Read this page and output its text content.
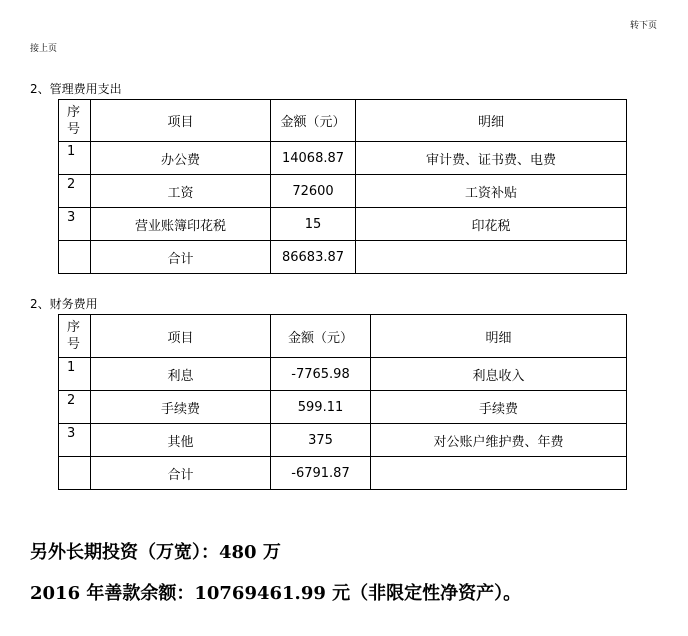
转下页
接上页
2、管理费用支出
序号	项目	金额（元）	明细
1	办公费	14068.87	审计费、证书费、电费
2	工资	72600	工资补贴
3	营业账簿印花税	15	印花税
	合计	86683.87	
2、财务费用
序号	项目	金额（元）	明细
1	利息	-7765.98	利息收入
2	手续费	599.11	手续费
3	其他	375	对公账户维护费、年费
	合计	-6791.87	
另外长期投资（万宽）：480 万
2016 年善款余额：10769461.99 元（非限定性净资产）。
